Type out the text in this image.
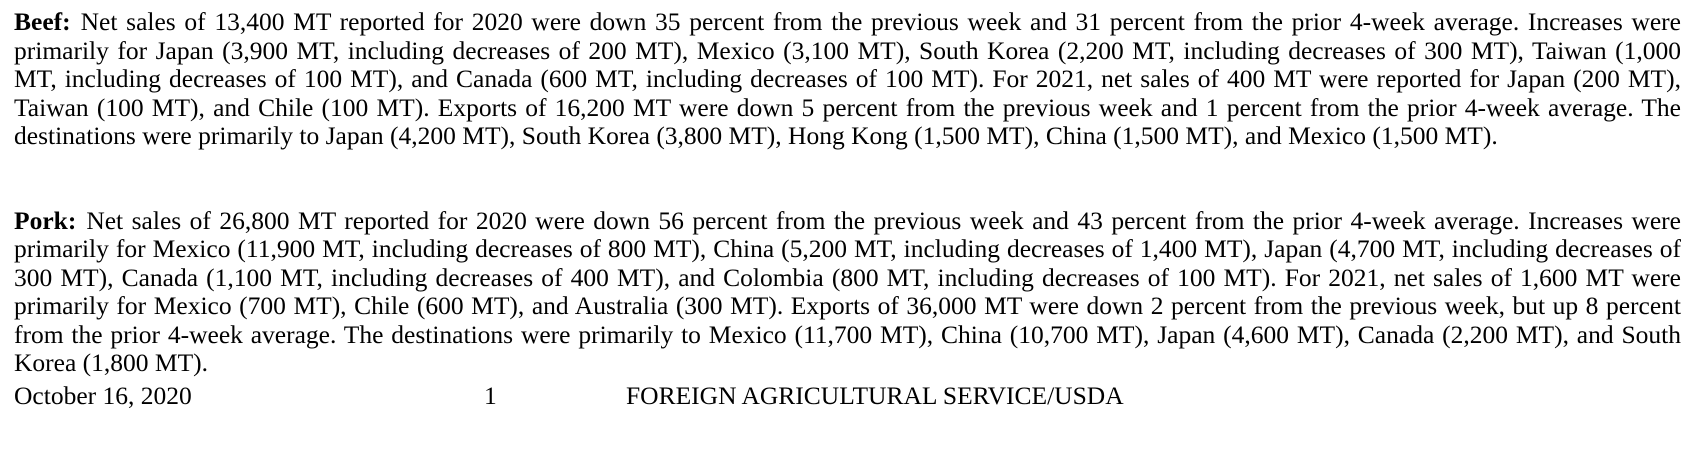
Beef: Net sales of 13,400 MT reported for 2020 were down 35 percent from the previous week and 31 percent from the prior 4-week average. Increases were primarily for Japan (3,900 MT, including decreases of 200 MT), Mexico (3,100 MT), South Korea (2,200 MT, including decreases of 300 MT), Taiwan (1,000 MT, including decreases of 100 MT), and Canada (600 MT, including decreases of 100 MT). For 2021, net sales of 400 MT were reported for Japan (200 MT), Taiwan (100 MT), and Chile (100 MT). Exports of 16,200 MT were down 5 percent from the previous week and 1 percent from the prior 4-week average. The destinations were primarily to Japan (4,200 MT), South Korea (3,800 MT), Hong Kong (1,500 MT), China (1,500 MT), and Mexico (1,500 MT).

Pork: Net sales of 26,800 MT reported for 2020 were down 56 percent from the previous week and 43 percent from the prior 4-week average. Increases were primarily for Mexico (11,900 MT, including decreases of 800 MT), China (5,200 MT, including decreases of 1,400 MT), Japan (4,700 MT, including decreases of 300 MT), Canada (1,100 MT, including decreases of 400 MT), and Colombia (800 MT, including decreases of 100 MT). For 2021, net sales of 1,600 MT were primarily for Mexico (700 MT), Chile (600 MT), and Australia (300 MT). Exports of 36,000 MT were down 2 percent from the previous week, but up 8 percent from the prior 4-week average. The destinations were primarily to Mexico (11,700 MT), China (10,700 MT), Japan (4,600 MT), Canada (2,200 MT), and South Korea (1,800 MT).

October 16, 2020	1	FOREIGN AGRICULTURAL SERVICE/USDA
